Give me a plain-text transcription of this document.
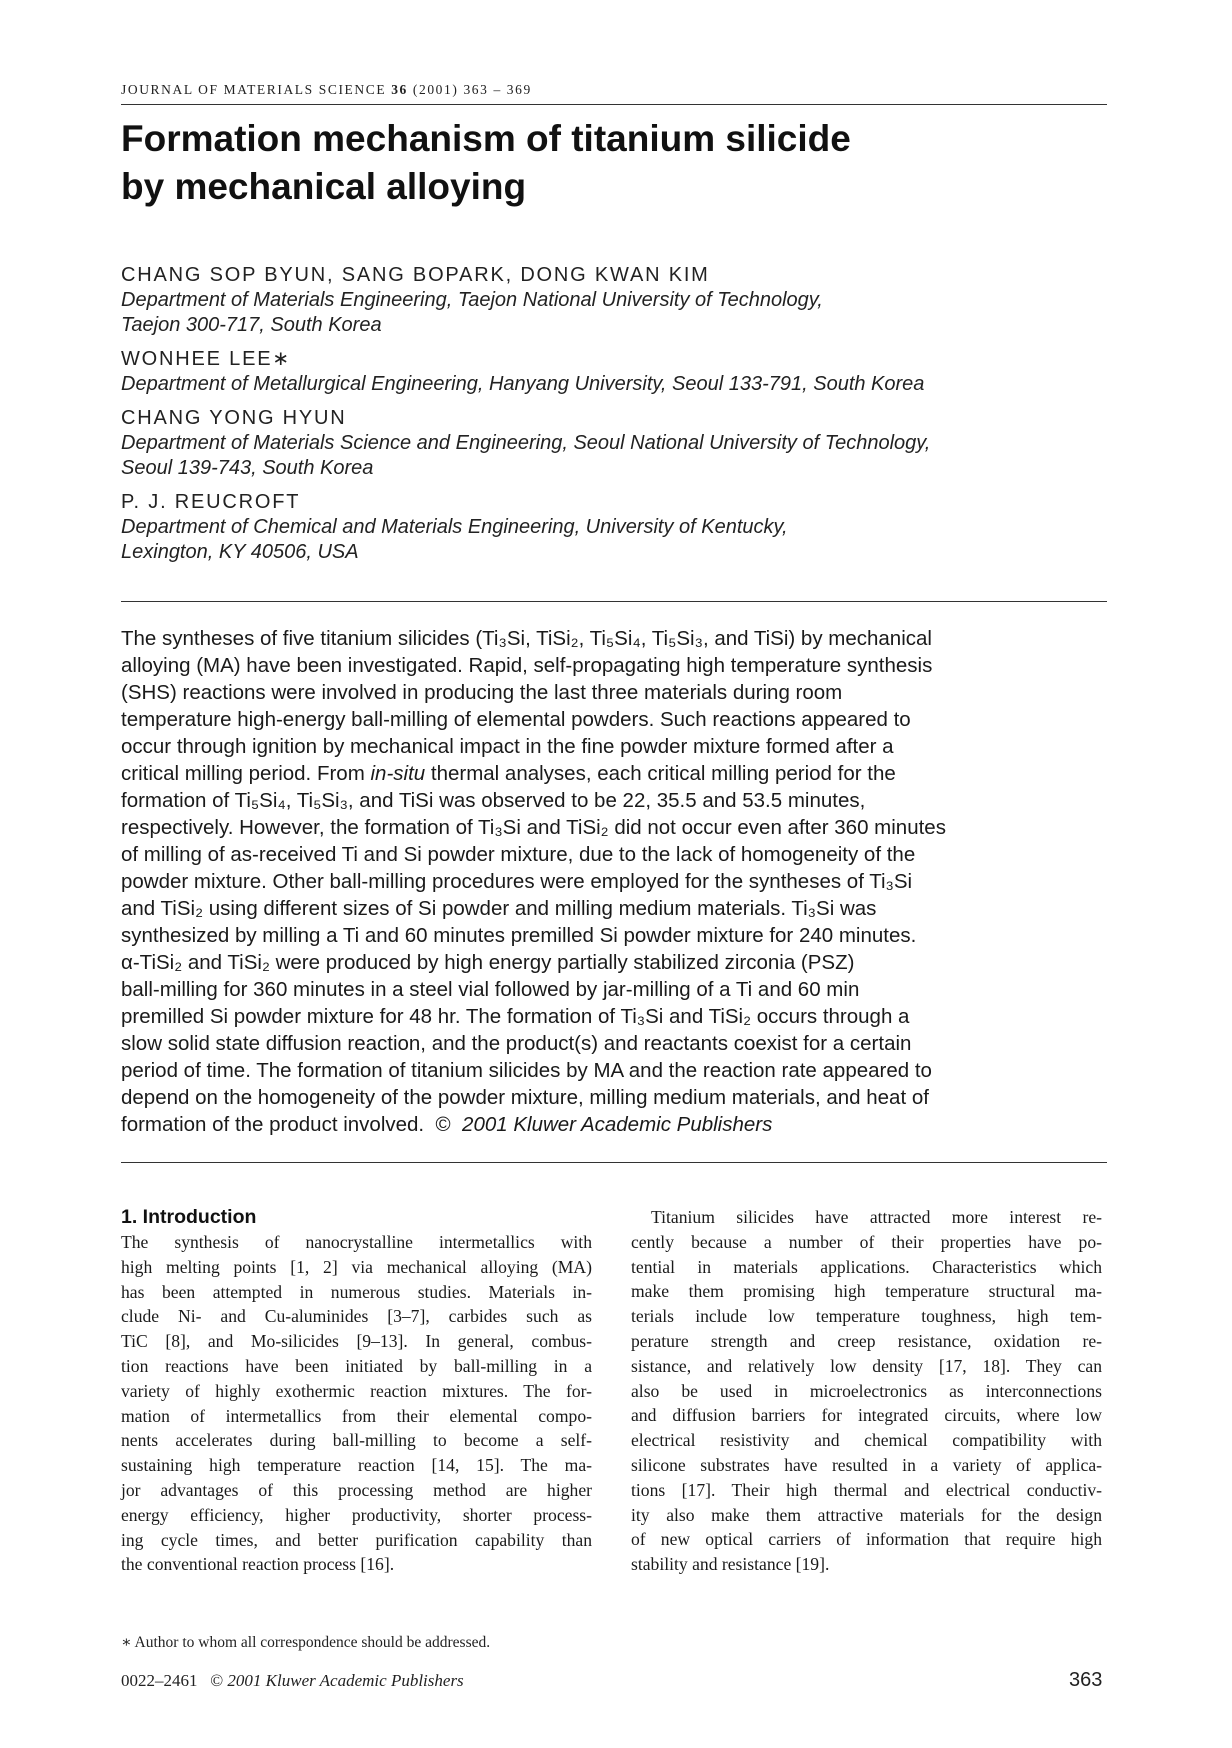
JOURNAL OF MATERIALS SCIENCE 36 (2001) 363 – 369
Formation mechanism of titanium silicide
by mechanical alloying
CHANG SOP BYUN, SANG BOPARK, DONG KWAN KIM
Department of Materials Engineering, Taejon National University of Technology,
Taejon 300-717, South Korea
WONHEE LEE∗
Department of Metallurgical Engineering, Hanyang University, Seoul 133-791, South Korea
CHANG YONG HYUN
Department of Materials Science and Engineering, Seoul National University of Technology,
Seoul 139-743, South Korea
P. J. REUCROFT
Department of Chemical and Materials Engineering, University of Kentucky,
Lexington, KY 40506, USA
The syntheses of five titanium silicides (Ti₃Si, TiSi₂, Ti₅Si₄, Ti₅Si₃, and TiSi) by mechanical
alloying (MA) have been investigated. Rapid, self-propagating high temperature synthesis
(SHS) reactions were involved in producing the last three materials during room
temperature high-energy ball-milling of elemental powders. Such reactions appeared to
occur through ignition by mechanical impact in the fine powder mixture formed after a
critical milling period. From in-situ thermal analyses, each critical milling period for the
formation of Ti₅Si₄, Ti₅Si₃, and TiSi was observed to be 22, 35.5 and 53.5 minutes,
respectively. However, the formation of Ti₃Si and TiSi₂ did not occur even after 360 minutes
of milling of as-received Ti and Si powder mixture, due to the lack of homogeneity of the
powder mixture. Other ball-milling procedures were employed for the syntheses of Ti₃Si
and TiSi₂ using different sizes of Si powder and milling medium materials. Ti₃Si was
synthesized by milling a Ti and 60 minutes premilled Si powder mixture for 240 minutes.
α-TiSi₂ and TiSi₂ were produced by high energy partially stabilized zirconia (PSZ)
ball-milling for 360 minutes in a steel vial followed by jar-milling of a Ti and 60 min
premilled Si powder mixture for 48 hr. The formation of Ti₃Si and TiSi₂ occurs through a
slow solid state diffusion reaction, and the product(s) and reactants coexist for a certain
period of time. The formation of titanium silicides by MA and the reaction rate appeared to
depend on the homogeneity of the powder mixture, milling medium materials, and heat of
formation of the product involved. © 2001 Kluwer Academic Publishers
1. Introduction
The synthesis of nanocrystalline intermetallics with
high melting points [1, 2] via mechanical alloying (MA)
has been attempted in numerous studies. Materials in-
clude Ni- and Cu-aluminides [3–7], carbides such as
TiC [8], and Mo-silicides [9–13]. In general, combus-
tion reactions have been initiated by ball-milling in a
variety of highly exothermic reaction mixtures. The for-
mation of intermetallics from their elemental compo-
nents accelerates during ball-milling to become a self-
sustaining high temperature reaction [14, 15]. The ma-
jor advantages of this processing method are higher
energy efficiency, higher productivity, shorter process-
ing cycle times, and better purification capability than
the conventional reaction process [16].
Titanium silicides have attracted more interest re-
cently because a number of their properties have po-
tential in materials applications. Characteristics which
make them promising high temperature structural ma-
terials include low temperature toughness, high tem-
perature strength and creep resistance, oxidation re-
sistance, and relatively low density [17, 18]. They can
also be used in microelectronics as interconnections
and diffusion barriers for integrated circuits, where low
electrical resistivity and chemical compatibility with
silicone substrates have resulted in a variety of applica-
tions [17]. Their high thermal and electrical conductiv-
ity also make them attractive materials for the design
of new optical carriers of information that require high
stability and resistance [19].
∗ Author to whom all correspondence should be addressed.
0022–2461 © 2001 Kluwer Academic Publishers	363
